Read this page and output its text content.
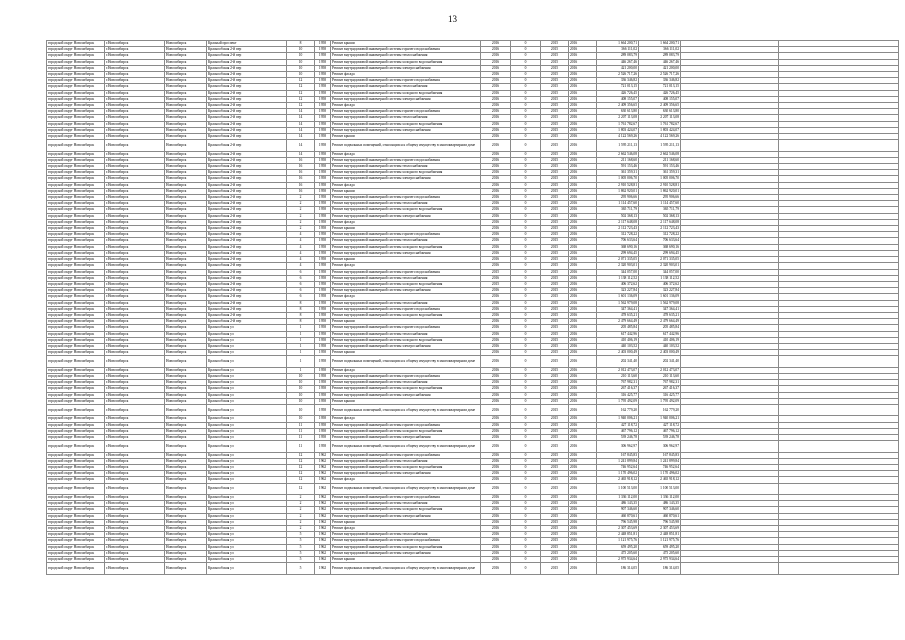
13
городской округ Новосибирск	г.Новосибирск	Новосибирск	Красный проспект	8	1958	Ремонт крыши	2016	0	2015	2016	1 664 200,71	1 664 200,71		
городской округ Новосибирск	г.Новосибирск	Новосибирск	Краснообская 2-й пер	10	1958	Ремонт внутридомовой инженерной системы горячего водоснабжения	2016	0	2015	2016	366 111,02	366 111,02		
городской округ Новосибирск	г.Новосибирск	Новосибирск	Краснообская 2-й пер	10	1958	Ремонт внутридомовой инженерной системы теплоснабжения	2016	0	2015	2016	289 083,79	289 083,79		
городской округ Новосибирск	г.Новосибирск	Новосибирск	Краснообская 2-й пер	10	1958	Ремонт внутридомовой инженерной системы холодного водоснабжения	2016	0	2015	2016	446 267,46	446 267,46		
городской округ Новосибирск	г.Новосибирск	Новосибирск	Краснообская 2-й пер	10	1958	Ремонт внутридомовой инженерной системы электроснабжения	2016	0	2015	2016	421 200,00	421 200,00		
городской округ Новосибирск	г.Новосибирск	Новосибирск	Краснообская 2-й пер	10	1958	Ремонт фасада	2016	0	2015	2016	2 526 717,26	2 526 717,26		
городской округ Новосибирск	г.Новосибирск	Новосибирск	Краснообская 2-й пер	12	1958	Ремонт внутридомовой инженерной системы горячего водоснабжения	2016	0	2015	2016	336 346,82	336 346,82		
городской округ Новосибирск	г.Новосибирск	Новосибирск	Краснообская 2-й пер	12	1958	Ремонт внутридомовой инженерной системы теплоснабжения	2016	0	2015	2016	721 013,15	721 013,15		
городской округ Новосибирск	г.Новосибирск	Новосибирск	Краснообская 2-й пер	12	1958	Ремонт внутридомовой инженерной системы холодного водоснабжения	2016	0	2015	2016	426 726,45	426 726,45		
городской округ Новосибирск	г.Новосибирск	Новосибирск	Краснообская 2-й пер	12	1958	Ремонт внутридомовой инженерной системы электроснабжения	2016	0	2015	2016	408 155,07	408 155,07		
городской округ Новосибирск	г.Новосибирск	Новосибирск	Краснообская 2-й пер	12	1958	Ремонт фасада	2016	0	2015	2016	2 409 356,65	2 409 356,65		
городской округ Новосибирск	г.Новосибирск	Новосибирск	Краснообская 2-й пер	14	1958	Ремонт внутридомовой инженерной системы горячего водоснабжения	2016	0	2015	2016	630 613,80	630 613,80		
городской округ Новосибирск	г.Новосибирск	Новосибирск	Краснообская 2-й пер	14	1958	Ремонт внутридомовой инженерной системы теплоснабжения	2016	0	2015	2016	2 207 113,08	2 207 113,08		
городской округ Новосибирск	г.Новосибирск	Новосибирск	Краснообская 2-й пер	14	1958	Ремонт внутридомовой инженерной системы холодного водоснабжения	2016	0	2015	2016	1 761 782,67	1 761 782,67		
городской округ Новосибирск	г.Новосибирск	Новосибирск	Краснообская 2-й пер	14	1958	Ремонт внутридомовой инженерной системы электроснабжения	2016	0	2015	2016	1 803 424,07	1 803 424,07		
городской округ Новосибирск	г.Новосибирск	Новосибирск	Краснообская 2-й пер	14	1958	Ремонт крыши	2016	0	2015	2016	4 122 569,26	4 122 569,26		
городской округ Новосибирск	г.Новосибирск	Новосибирск	Краснообская 2-й пер	14	1958	Ремонт подвальных помещений, относящихся к общему имуществу в многоквартирном доме	2016	0	2015	2016	1 595 211,13	1 595 211,13		
городской округ Новосибирск	г.Новосибирск	Новосибирск	Краснообская 2-й пер	14	1958	Ремонт фасада	2016	0	2015	2016	2 662 546,08	2 662 546,08		
городской округ Новосибирск	г.Новосибирск	Новосибирск	Краснообская 2-й пер	16	1958	Ремонт внутридомовой инженерной системы горячего водоснабжения	2016	0	2015	2016	211 168,60	211 168,60		
городской округ Новосибирск	г.Новосибирск	Новосибирск	Краснообская 2-й пер	16	1958	Ремонт внутридомовой инженерной системы теплоснабжения	2016	0	2015	2016	591 153,46	591 153,46		
городской округ Новосибирск	г.Новосибирск	Новосибирск	Краснообская 2-й пер	16	1958	Ремонт внутридомовой инженерной системы холодного водоснабжения	2016	0	2015	2016	361 359,31	361 359,31		
городской округ Новосибирск	г.Новосибирск	Новосибирск	Краснообская 2-й пер	16	1958	Ремонт внутридомовой инженерной системы электроснабжения	2016	0	2015	2016	1 005 006,70	1 005 006,70		
городской округ Новосибирск	г.Новосибирск	Новосибирск	Краснообская 2-й пер	16	1958	Ремонт фасада	2016	0	2015	2016	2 910 528,81	2 910 528,81		
городской округ Новосибирск	г.Новосибирск	Новосибирск	Краснообская 2-й пер	16	1958	Ремонт крыши	2016	0	2015	2016	1 862 920,01	1 862 920,01		
городской округ Новосибирск	г.Новосибирск	Новосибирск	Краснообская 2-й пер	2	1958	Ремонт внутридомовой инженерной системы горячего водоснабжения	2016	0	2015	2016	295 906,66	295 906,66		
городской округ Новосибирск	г.Новосибирск	Новосибирск	Краснообская 2-й пер	2	1958	Ремонт внутридомовой инженерной системы теплоснабжения	2016	0	2015	2016	1 114 457,60	1 114 457,60		
городской округ Новосибирск	г.Новосибирск	Новосибирск	Краснообская 2-й пер	2	1958	Ремонт внутридомовой инженерной системы холодного водоснабжения	2016	0	2015	2016	365 711,79	365 711,79		
городской округ Новосибирск	г.Новосибирск	Новосибирск	Краснообская 2-й пер	2	1958	Ремонт внутридомовой инженерной системы электроснабжения	2016	0	2015	2016	502 368,13	502 368,13		
городской округ Новосибирск	г.Новосибирск	Новосибирск	Краснообская 2-й пер	2	1958	Ремонт фасада	2016	0	2015	2016	2 117 648,08	2 117 648,08		
городской округ Новосибирск	г.Новосибирск	Новосибирск	Краснообская 2-й пер	2	1958	Ремонт крыши	2016	0	2015	2016	2 112 723,43	2 112 723,43		
городской округ Новосибирск	г.Новосибирск	Новосибирск	Краснообская 2-й пер	4	1958	Ремонт внутридомовой инженерной системы горячего водоснабжения	2016	0	2015	2016	312 728,22	312 728,22		
городской округ Новосибирск	г.Новосибирск	Новосибирск	Краснообская 2-й пер	4	1958	Ремонт внутридомовой инженерной системы теплоснабжения	2016	0	2015	2016	706 633,64	706 633,64		
городской округ Новосибирск	г.Новосибирск	Новосибирск	Краснообская 2-й пер	4	1958	Ремонт внутридомовой инженерной системы холодного водоснабжения	2016	0	2015	2016	368 690,16	368 690,16		
городской округ Новосибирск	г.Новосибирск	Новосибирск	Краснообская 2-й пер	4	1958	Ремонт внутридомовой инженерной системы электроснабжения	2016	0	2015	2016	299 694,45	299 694,45		
городской округ Новосибирск	г.Новосибирск	Новосибирск	Краснообская 2-й пер	4	1958	Ремонт крыши	2016	0	2015	2016	2 071 335,05	2 071 335,05		
городской округ Новосибирск	г.Новосибирск	Новосибирск	Краснообская 2-й пер	4	1958	Ремонт фасада	2016	0	2015	2016	2 320 903,01	2 320 903,01		
городской округ Новосибирск	г.Новосибирск	Новосибирск	Краснообская 2-й пер	6	1958	Ремонт внутридомовой инженерной системы горячего водоснабжения	2015	0	2015	2016	344 057,00	344 057,00		
городской округ Новосибирск	г.Новосибирск	Новосибирск	Краснообская 2-й пер	6	1958	Ремонт внутридомовой инженерной системы теплоснабжения	2016	0	2015	2016	1 138 112,52	1 138 112,52		
городской округ Новосибирск	г.Новосибирск	Новосибирск	Краснообская 2-й пер	6	1958	Ремонт внутридомовой инженерной системы холодного водоснабжения	2015	0	2015	2016	406 372,62	406 372,62		
городской округ Новосибирск	г.Новосибирск	Новосибирск	Краснообская 2-й пер	6	1958	Ремонт внутридомовой инженерной системы электроснабжения	2016	0	2015	2016	323 227,84	323 227,84		
городской округ Новосибирск	г.Новосибирск	Новосибирск	Краснообская 2-й пер	6	1958	Ремонт фасада	2016	0	2015	2016	1 601 136,09	1 601 136,09		
городской округ Новосибирск	г.Новосибирск	Новосибирск	Краснообская 2-й пер	8	1958	Ремонт внутридомовой инженерной системы теплоснабжения	2016	0	2015	2016	1 562 979,08	1 562 979,08		
городской округ Новосибирск	г.Новосибирск	Новосибирск	Краснообская 2-й пер	8	1958	Ремонт внутридомовой инженерной системы горячего водоснабжения	2016	0	2015	2016	347 364,41	347 364,41		
городской округ Новосибирск	г.Новосибирск	Новосибирск	Краснообская 2-й пер	8	1958	Ремонт внутридомовой инженерной системы холодного водоснабжения	2016	0	2015	2016	478 635,21	478 635,21		
городской округ Новосибирск	г.Новосибирск	Новосибирск	Краснообская 2-й пер	8	1958	Ремонт крыши	2016	0	2015	2016	2 479 664,49	2 479 664,49		
городской округ Новосибирск	г.Новосибирск	Новосибирск	Краснообская ул	1	1958	Ремонт внутридомовой инженерной системы горячего водоснабжения	2016	0	2015	2016	205 485,84	205 485,84		
городской округ Новосибирск	г.Новосибирск	Новосибирск	Краснообская ул	1	1958	Ремонт внутридомовой инженерной системы теплоснабжения	2016	0	2015	2016	617 442,96	617 442,96		
городской округ Новосибирск	г.Новосибирск	Новосибирск	Краснообская ул	1	1958	Ремонт внутридомовой инженерной системы холодного водоснабжения	2016	0	2015	2016	410 406,19	410 406,19		
городской округ Новосибирск	г.Новосибирск	Новосибирск	Краснообская ул	1	1958	Ремонт внутридомовой инженерной системы электроснабжения	2016	0	2015	2016	440 103,52	440 103,52		
городской округ Новосибирск	г.Новосибирск	Новосибирск	Краснообская ул	1	1958	Ремонт крыши	2016	0	2015	2016	2 403 000,49	2 403 000,49		
городской округ Новосибирск	г.Новосибирск	Новосибирск	Краснообская ул	1	1958	Ремонт подвальных помещений, относящихся к общему имуществу в многоквартирном доме	2016	0	2015	2016	202 341,40	202 341,40		
городской округ Новосибирск	г.Новосибирск	Новосибирск	Краснообская ул	1	1958	Ремонт фасада	2016	0	2015	2016	2 012 473,07	2 012 473,07		
городской округ Новосибирск	г.Новосибирск	Новосибирск	Краснообская ул	10	1958	Ремонт внутридомовой инженерной системы горячего водоснабжения	2016	0	2015	2016	210 113,60	210 113,60		
городской округ Новосибирск	г.Новосибирск	Новосибирск	Краснообская ул	10	1958	Ремонт внутридомовой инженерной системы теплоснабжения	2016	0	2015	2016	767 982,31	767 982,31		
городской округ Новосибирск	г.Новосибирск	Новосибирск	Краснообская ул	10	1958	Ремонт внутридомовой инженерной системы холодного водоснабжения	2016	0	2015	2016	267 416,37	267 416,37		
городской округ Новосибирск	г.Новосибирск	Новосибирск	Краснообская ул	10	1958	Ремонт внутридомовой инженерной системы электроснабжения	2016	0	2015	2016	316 425,77	316 425,77		
городской округ Новосибирск	г.Новосибирск	Новосибирск	Краснообская ул	10	1958	Ремонт крыши	2016	0	2015	2016	1 795 492,09	1 795 492,09		
городской округ Новосибирск	г.Новосибирск	Новосибирск	Краснообская ул	10	1958	Ремонт подвальных помещений, относящихся к общему имуществу в многоквартирном доме	2016	0	2015	2016	162 779,20	162 779,20		
городской округ Новосибирск	г.Новосибирск	Новосибирск	Краснообская ул	10	1958	Ремонт фасада	2016	0	2015	2016	1 940 006,21	1 940 006,21		
городской округ Новосибирск	г.Новосибирск	Новосибирск	Краснообская ул	11	1958	Ремонт внутридомовой инженерной системы горячего водоснабжения	2016	0	2015	2016	427 118,72	427 118,72		
городской округ Новосибирск	г.Новосибирск	Новосибирск	Краснообская ул	11	1958	Ремонт внутридомовой инженерной системы холодного водоснабжения	2016	0	2015	2016	467 796,12	467 796,12		
городской округ Новосибирск	г.Новосибирск	Новосибирск	Краснообская ул	11	1958	Ремонт внутридомовой инженерной системы электроснабжения	2016	0	2015	2016	539 246,78	539 246,78		
городской округ Новосибирск	г.Новосибирск	Новосибирск	Краснообская ул	11	1958	Ремонт подвальных помещений, относящихся к общему имуществу в многоквартирном доме	2016	0	2015	2016	306 962,97	306 962,97		
городской округ Новосибирск	г.Новосибирск	Новосибирск	Краснообская ул	12	1962	Ремонт внутридомовой инженерной системы горячего водоснабжения	2016	0	2015	2016	167 845,83	167 845,83		
городской округ Новосибирск	г.Новосибирск	Новосибирск	Краснообская ул	12	1962	Ремонт внутридомовой инженерной системы теплоснабжения	2016	0	2015	2016	1 241 899,84	1 241 899,84		
городской округ Новосибирск	г.Новосибирск	Новосибирск	Краснообская ул	12	1962	Ремонт внутридомовой инженерной системы холодного водоснабжения	2016	0	2015	2016	746 952,64	746 952,64		
городской округ Новосибирск	г.Новосибирск	Новосибирск	Краснообская ул	12	1962	Ремонт внутридомовой инженерной системы электроснабжения	2016	0	2015	2016	1 170 496,02	1 170 496,02		
городской округ Новосибирск	г.Новосибирск	Новосибирск	Краснообская ул	12	1962	Ремонт фасада	2016	0	2015	2016	2 465 918,12	2 465 918,12		
городской округ Новосибирск	г.Новосибирск	Новосибирск	Краснообская ул	12	1962	Ремонт подвальных помещений, относящихся к общему имуществу в многоквартирном доме	2016	0	2015	2016	1 100 513,00	1 100 513,00		
городской округ Новосибирск	г.Новосибирск	Новосибирск	Краснообская ул	2	1962	Ремонт внутридомовой инженерной системы горячего водоснабжения	2016	0	2015	2016	1 336 112,00	1 336 112,00		
городской округ Новосибирск	г.Новосибирск	Новосибирск	Краснообская ул	2	1962	Ремонт внутридомовой инженерной системы теплоснабжения	2016	0	2015	2016	486 143,35	486 143,35		
городской округ Новосибирск	г.Новосибирск	Новосибирск	Краснообская ул	2	1962	Ремонт внутридомовой инженерной системы холодного водоснабжения	2016	0	2015	2016	907 346,60	907 346,60		
городской округ Новосибирск	г.Новосибирск	Новосибирск	Краснообская ул	2	1962	Ремонт внутридомовой инженерной системы электроснабжения	2016	0	2015	2016	460 870,61	460 870,61		
городской округ Новосибирск	г.Новосибирск	Новосибирск	Краснообская ул	2	1962	Ремонт крыши	2016	0	2015	2016	796 545,98	796 545,98		
городской округ Новосибирск	г.Новосибирск	Новосибирск	Краснообская ул	2	1962	Ремонт фасада	2016	0	2015	2016	2 307 453,69	2 307 453,69		
городской округ Новосибирск	г.Новосибирск	Новосибирск	Краснообская ул	5	1962	Ремонт внутридомовой инженерной системы теплоснабжения	2016	0	2015	2016	2 448 851,81	2 448 851,81		
городской округ Новосибирск	г.Новосибирск	Новосибирск	Краснообская ул	5	1962	Ремонт внутридомовой инженерной системы горячего водоснабжения	2016	0	2015	2016	1 121 975,76	1 121 975,76		
городской округ Новосибирск	г.Новосибирск	Новосибирск	Краснообская ул	5	1962	Ремонт внутридомовой инженерной системы холодного водоснабжения	2016	0	2015	2016	659 495,20	659 495,20		
городской округ Новосибирск	г.Новосибирск	Новосибирск	Краснообская ул	5	1962	Ремонт внутридомовой инженерной системы электроснабжения	2016	0	2015	2016	475 205,60	475 205,60		
городской округ Новосибирск	г.Новосибирск	Новосибирск	Краснообская ул	5	1962	Ремонт крыши	2016	0	2015	2016	2 975 934,64	2 975 934,64		
городской округ Новосибирск	г.Новосибирск	Новосибирск	Краснообская ул	5	1962	Ремонт подвальных помещений, относящихся к общему имуществу в многоквартирном доме	2016	0	2015	2016	186 314,05	186 314,05		
